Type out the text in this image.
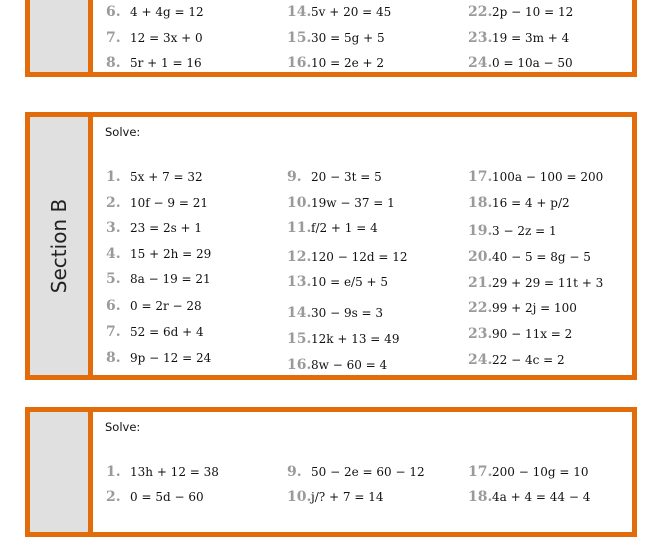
6. 4 + 4g = 12
7. 12 = 3x + 0
8. 5r + 1 = 16
14.5v + 20 = 45
15.30 = 5g + 5
16.10 = 2e + 2
22.2p − 10 = 12
23.19 = 3m + 4
24.0 = 10a − 50
Section B
Solve:
1. 5x + 7 = 32
2. 10f − 9 = 21
3. 23 = 2s + 1
4. 15 + 2h = 29
5. 8a − 19 = 21
6. 0 = 2r − 28
7. 52 = 6d + 4
8. 9p − 12 = 24
9. 20 − 3t = 5
10.19w − 37 = 1
11.f/2 + 1 = 4
12.120 − 12d = 12
13.10 = e/5 + 5
14.30 − 9s = 3
15.12k + 13 = 49
16.8w − 60 = 4
17.100a − 100 = 200
18.16 = 4 + p/2
19.3 − 2z = 1
20.40 − 5 = 8g − 5
21.29 + 29 = 11t + 3
22.99 + 2j = 100
23.90 − 11x = 2
24.22 − 4c = 2
Solve:
1. 13h + 12 = 38
2. 0 = 5d − 60
9. 50 − 2e = 60 − 12
10.j/? + 7 = 14
17.200 − 10g = 10
18.4a + 4 = 44 − 4
